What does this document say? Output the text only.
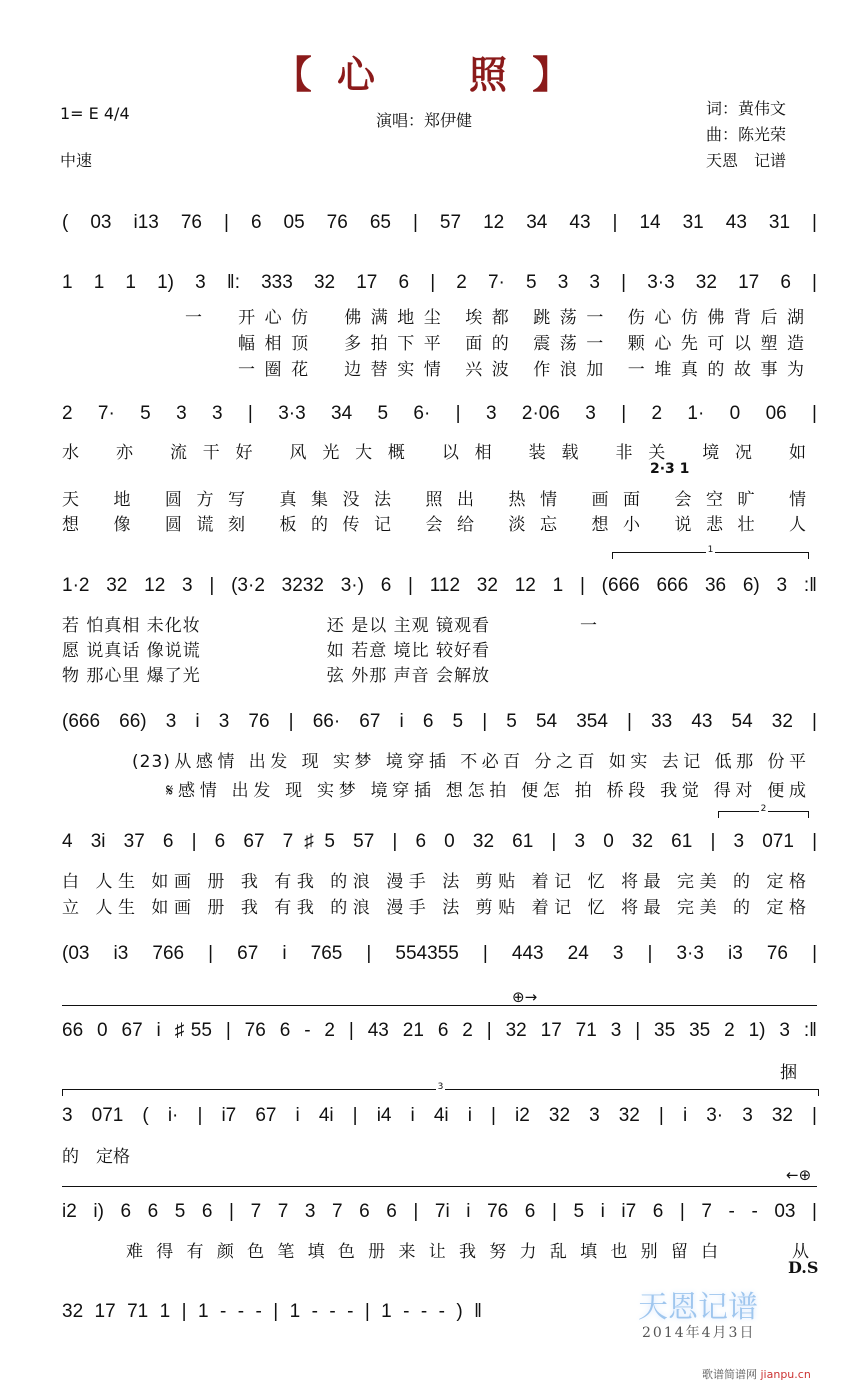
【 心　　照 】
1= E 4/4
中速
演唱：郑伊健
词：黄伟文
曲：陈光荣
天恩　记谱
( 03 i13 76 | 6 05 76 65 | 57 12 34 43 | 14 31 43 31 |
1 1 1 1) 3 ‖: 333 32 17 6 | 2 7· 5 3 3 | 3·3 32 17 6 |
一　开心仿　佛满地尘 埃都 跳荡一 伤心仿佛背后湖
幅相顶　多拍下平 面的 震荡一 颗心先可以塑造
一圈花　边替实情 兴波 作浪加 一堆真的故事为
2 7· 5 3 3 | 3·3 34 5 6· | 3 2·06 3 | 2 1· 0 06 |
水 亦 流干好 风光大概 以相 装载 非关 境况 如
2·3 1
天 地 圆方写 真集没法 照出 热情 画面 会空旷 情
想 像 圆谎刻 板的传记 会给 淡忘 想小 说悲壮 人
1
1·2 32 12 3 | (3·2 3232 3·) 6 | 112 32 12 1 | (666 666 36 6) 3 :‖
若 怕真相 未化妆　　　　　　　还 是以 主观 镜观看　　　　　一
愿 说真话 像说谎　　　　　　　如 若意 境比 较好看
物 那心里 爆了光　　　　　　　弦 外那 声音 会解放
(666 66) 3 i 3 76 | 66· 67 i 6 5 | 5 54 354 | 33 43 54 32 |
(23)从感情 出发 现 实梦 境穿插 不必百 分之百 如实 去记 低那 份平
𝄋感情 出发 现 实梦 境穿插 想怎拍 便怎 拍 桥段 我觉 得对 便成
2
4 3i 37 6 | 6 67 7♯5 57 | 6 0 32 61 | 3 0 32 61 | 3 071 |
白 人生 如画 册 我 有我 的浪 漫手 法 剪贴 着记 忆 将最 完美 的 定格
立 人生 如画 册 我 有我 的浪 漫手 法 剪贴 着记 忆 将最 完美 的 定格
(03 i3 766 | 67 i 765 | 554355 | 443 24 3 | 3·3 i3 76 |
⊕→
66 0 67 i ♯55 | 76 6 - 2 | 43 21 6 2 | 32 17 71 3 | 35 35 2 1) 3 :‖
捆
3
3 071 ( i· | i7 67 i 4i | i4 i 4i i | i2 32 3 32 | i 3· 3 32 |
的　定格
←⊕
i2 i) 6 6 5 6 | 7 7 3 7 6 6 | 7i i 76 6 | 5 i i7 6 | 7 - - 03 |
难得有颜色笔填色册来让我努力乱填也别留白　　从
D.S
32 17 71 1 | 1 - - - | 1 - - - | 1 - - - ) ‖	天恩记谱
2014年4月3日
歌谱简谱网 jianpu.cn
